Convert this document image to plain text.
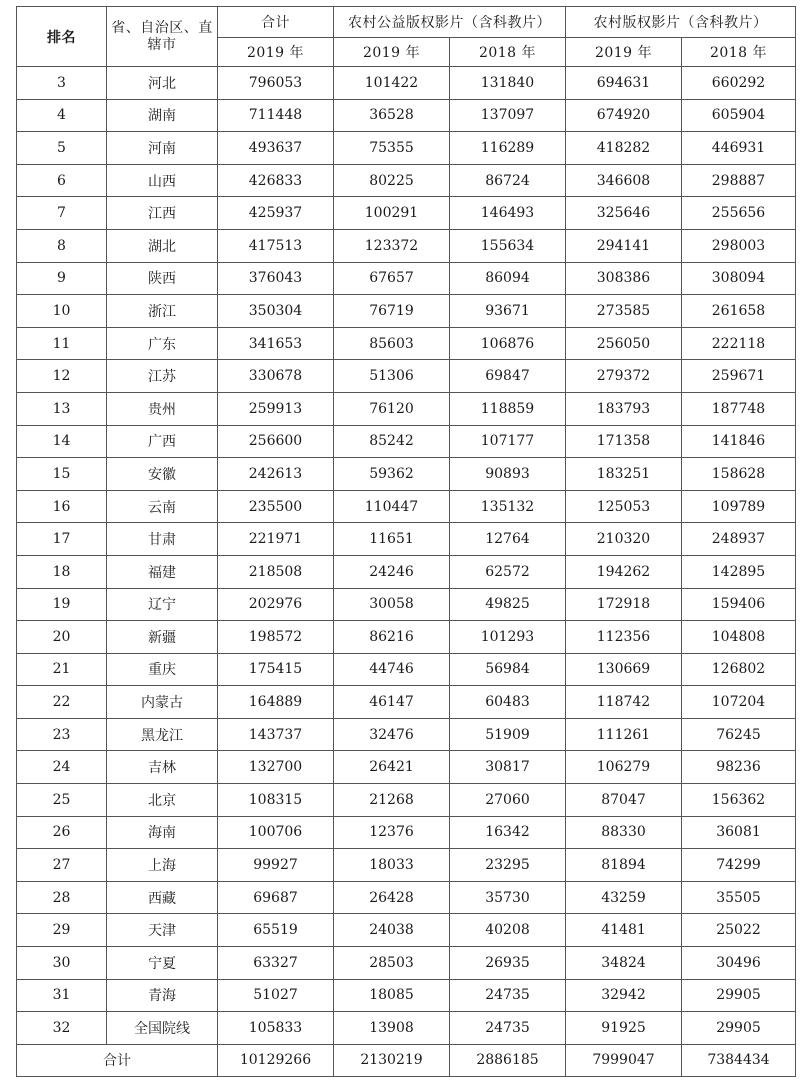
排名	省、自治区、直辖市	合计	农村公益版权影片（含科教片）		农村版权影片（含科教片）	
		2019 年	2019 年	2018 年	2019 年	2018 年
3	河北	796053	101422	131840	694631	660292
4	湖南	711448	36528	137097	674920	605904
5	河南	493637	75355	116289	418282	446931
6	山西	426833	80225	86724	346608	298887
7	江西	425937	100291	146493	325646	255656
8	湖北	417513	123372	155634	294141	298003
9	陕西	376043	67657	86094	308386	308094
10	浙江	350304	76719	93671	273585	261658
11	广东	341653	85603	106876	256050	222118
12	江苏	330678	51306	69847	279372	259671
13	贵州	259913	76120	118859	183793	187748
14	广西	256600	85242	107177	171358	141846
15	安徽	242613	59362	90893	183251	158628
16	云南	235500	110447	135132	125053	109789
17	甘肃	221971	11651	12764	210320	248937
18	福建	218508	24246	62572	194262	142895
19	辽宁	202976	30058	49825	172918	159406
20	新疆	198572	86216	101293	112356	104808
21	重庆	175415	44746	56984	130669	126802
22	内蒙古	164889	46147	60483	118742	107204
23	黑龙江	143737	32476	51909	111261	76245
24	吉林	132700	26421	30817	106279	98236
25	北京	108315	21268	27060	87047	156362
26	海南	100706	12376	16342	88330	36081
27	上海	99927	18033	23295	81894	74299
28	西藏	69687	26428	35730	43259	35505
29	天津	65519	24038	40208	41481	25022
30	宁夏	63327	28503	26935	34824	30496
31	青海	51027	18085	24735	32942	29905
32	全国院线	105833	13908	24735	91925	29905
合计		10129266	2130219	2886185	7999047	7384434
